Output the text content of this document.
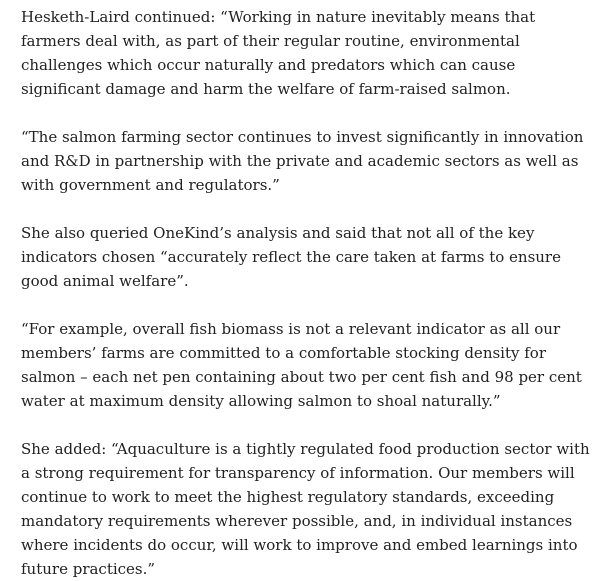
Hesketh-Laird continued: “Working in nature inevitably means that farmers deal with, as part of their regular routine, environmental challenges which occur naturally and predators which can cause significant damage and harm the welfare of farm-raised salmon.

“The salmon farming sector continues to invest significantly in innovation and R&D in partnership with the private and academic sectors as well as with government and regulators.”

She also queried OneKind’s analysis and said that not all of the key indicators chosen “accurately reflect the care taken at farms to ensure good animal welfare”.

“For example, overall fish biomass is not a relevant indicator as all our members’ farms are committed to a comfortable stocking density for salmon – each net pen containing about two per cent fish and 98 per cent water at maximum density allowing salmon to shoal naturally.”

She added: “Aquaculture is a tightly regulated food production sector with a strong requirement for transparency of information. Our members will continue to work to meet the highest regulatory standards, exceeding mandatory requirements wherever possible, and, in individual instances where incidents do occur, will work to improve and embed learnings into future practices.”
